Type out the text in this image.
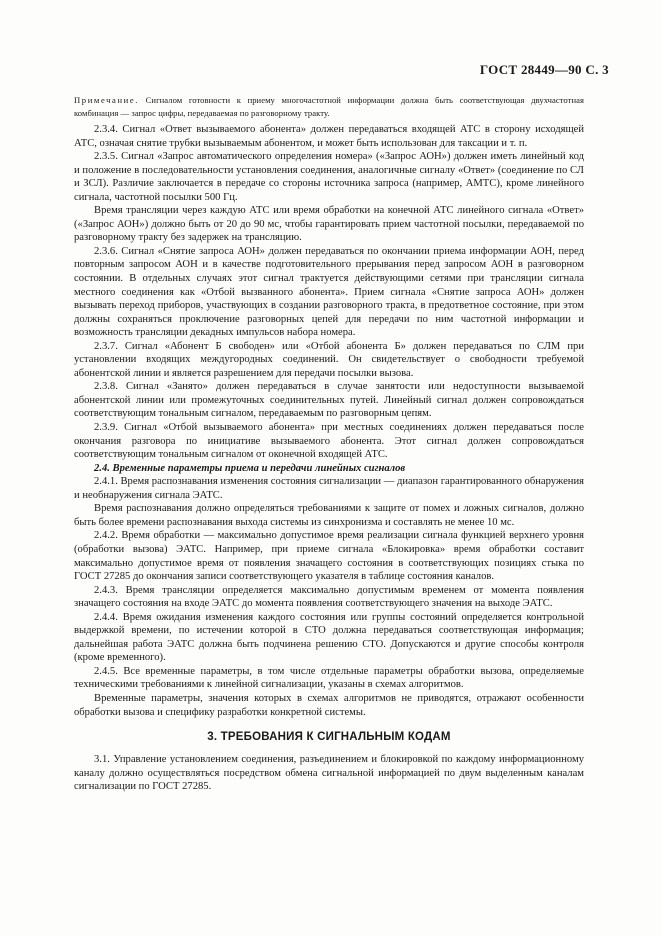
ГОСТ 28449—90 С. 3
Примечание. Сигналом готовности к приему многочастотной информации должна быть соответствующая двухчастотная комбинация — запрос цифры, передаваемая по разговорному тракту.

2.3.4. Сигнал «Ответ вызываемого абонента» должен передаваться входящей АТС в сторону исходящей АТС, означая снятие трубки вызываемым абонентом, и может быть использован для таксации и т. п.

2.3.5. Сигнал «Запрос автоматического определения номера» («Запрос АОН») должен иметь линейный код и положение в последовательности установления соединения, аналогичные сигналу «Ответ» (соединение по СЛ и ЗСЛ). Различие заключается в передаче со стороны источника запроса (например, АМТС), кроме линейного сигнала, частотной посылки 500 Гц.

Время трансляции через каждую АТС или время обработки на конечной АТС линейного сигнала «Ответ» («Запрос АОН») должно быть от 20 до 90 мс, чтобы гарантировать прием частотной посылки, передаваемой по разговорному тракту без задержек на трансляцию.

2.3.6. Сигнал «Снятие запроса АОН» должен передаваться по окончании приема информации АОН, перед повторным запросом АОН и в качестве подготовительного прерывания перед запросом АОН в разговорном состоянии. В отдельных случаях этот сигнал трактуется действующими сетями при трансляции сигнала местного соединения как «Отбой вызванного абонента». Прием сигнала «Снятие запроса АОН» должен вызывать переход приборов, участвующих в создании разговорного тракта, в предответное состояние, при этом должны сохраняться проключение разговорных цепей для передачи по ним частотной информации и возможность трансляции декадных импульсов набора номера.

2.3.7. Сигнал «Абонент Б свободен» или «Отбой абонента Б» должен передаваться по СЛМ при установлении входящих междугородных соединений. Он свидетельствует о свободности требуемой абонентской линии и является разрешением для передачи посылки вызова.

2.3.8. Сигнал «Занято» должен передаваться в случае занятости или недоступности вызываемой абонентской линии или промежуточных соединительных путей. Линейный сигнал должен сопровождаться соответствующим тональным сигналом, передаваемым по разговорным цепям.

2.3.9. Сигнал «Отбой вызываемого абонента» при местных соединениях должен передаваться после окончания разговора по инициативе вызываемого абонента. Этот сигнал должен сопровождаться соответствующим тональным сигналом от оконечной входящей АТС.

2.4. Временные параметры приема и передачи линейных сигналов

2.4.1. Время распознавания изменения состояния сигнализации — диапазон гарантированного обнаружения и необнаружения сигнала ЭАТС.

Время распознавания должно определяться требованиями к защите от помех и ложных сигналов, должно быть более времени распознавания выхода системы из синхронизма и составлять не менее 10 мс.

2.4.2. Время обработки — максимально допустимое время реализации сигнала функцией верхнего уровня (обработки вызова) ЭАТС. Например, при приеме сигнала «Блокировка» время обработки составит максимально допустимое время от появления значащего состояния в соответствующих позициях стыка по ГОСТ 27285 до окончания записи соответствующего указателя в таблице состояния каналов.

2.4.3. Время трансляции определяется максимально допустимым временем от момента появления значащего состояния на входе ЭАТС до момента появления соответствующего значения на выходе ЭАТС.

2.4.4. Время ожидания изменения каждого состояния или группы состояний определяется контрольной выдержкой времени, по истечении которой в СТО должна передаваться соответствующая информация; дальнейшая работа ЭАТС должна быть подчинена решению СТО. Допускаются и другие способы контроля (кроме временного).

2.4.5. Все временные параметры, в том числе отдельные параметры обработки вызова, определяемые техническими требованиями к линейной сигнализации, указаны в схемах алгоритмов.

Временные параметры, значения которых в схемах алгоритмов не приводятся, отражают особенности обработки вызова и специфику разработки конкретной системы.

3. ТРЕБОВАНИЯ К СИГНАЛЬНЫМ КОДАМ

3.1. Управление установлением соединения, разъединением и блокировкой по каждому информационному каналу должно осуществляться посредством обмена сигнальной информацией по двум выделенным каналам сигнализации по ГОСТ 27285.
